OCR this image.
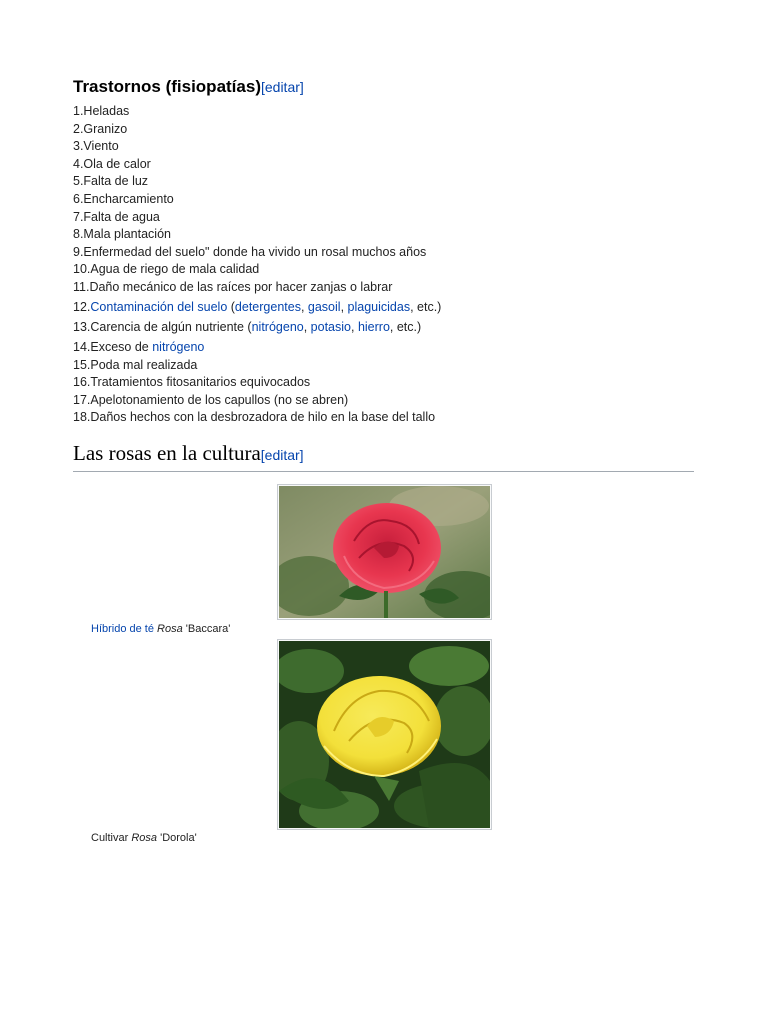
Trastornos (fisiopatías)[editar]
1.Heladas
2.Granizo
3.Viento
4.Ola de calor
5.Falta de luz
6.Encharcamiento
7.Falta de agua
8.Mala plantación
9.Enfermedad del suelo" donde ha vivido un rosal muchos años
10.Agua de riego de mala calidad
11.Daño mecánico de las raíces por hacer zanjas o labrar
12.Contaminación del suelo (detergentes, gasoil, plaguicidas, etc.)
13.Carencia de algún nutriente (nitrógeno, potasio, hierro, etc.)
14.Exceso de nitrógeno
15.Poda mal realizada
16.Tratamientos fitosanitarios equivocados
17.Apelotonamiento de los capullos (no se abren)
18.Daños hechos con la desbrozadora de hilo en la base del tallo
Las rosas en la cultura[editar]
Híbrido de té Rosa 'Baccara'
Cultivar Rosa 'Dorola'
